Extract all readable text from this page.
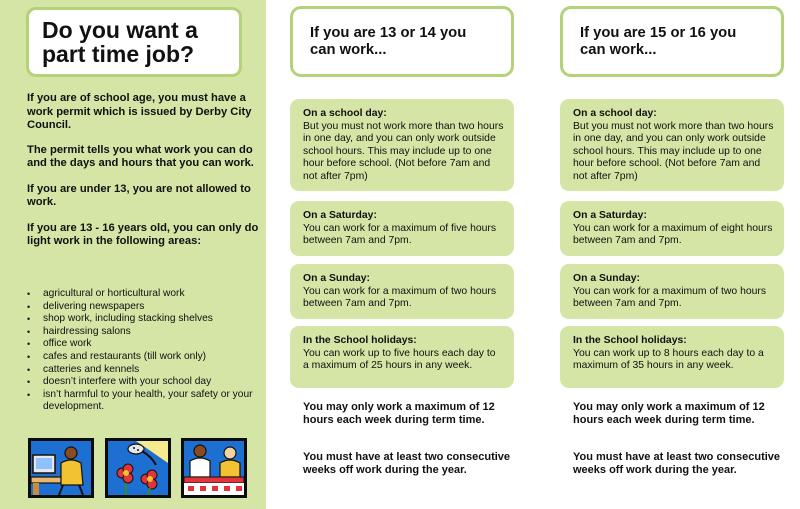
Do you want a part time job?

If you are of school age, you must have a work permit which is issued by Derby City Council.

The permit tells you what work you can do and the days and hours that you can work.

If you are under 13, you are not allowed to work.

If you are 13 - 16 years old, you can only do light work in the following areas:

• agricultural or horticultural work
• delivering newspapers
• shop work, including stacking shelves
• hairdressing salons
• office work
• cafes and restaurants (till work only)
• catteries and kennels
• doesn’t interfere with your school day
• isn’t harmful to your health, your safety or your development.
If you are 13 or 14 you can work...
On a school day:
But you must not work more than two hours in one day, and you can only work outside school hours. This may include up to one hour before school. (Not before 7am and not after 7pm)
On a Saturday:
You can work for a maximum of five hours between 7am and 7pm.
On a Sunday:
You can work for a maximum of two hours between 7am and 7pm.
In the School holidays:
You can work up to five hours each day to a maximum of 25 hours in any week.

You may only work a maximum of 12 hours each week during term time.

You must have at least two consecutive weeks off work during the year.

If you are 15 or 16 you can work...
On a school day:
But you must not work more than two hours in one day, and you can only work outside school hours. This may include up to one hour before school. (Not before 7am and not after 7pm)
On a Saturday:
You can work for a maximum of eight hours between 7am and 7pm.
On a Sunday:
You can work for a maximum of two hours between 7am and 7pm.
In the School holidays:
You can work up to 8 hours each day to a maximum of 35 hours in any week.

You may only work a maximum of 12 hours each week during term time.

You must have at least two consecutive weeks off work during the year.
